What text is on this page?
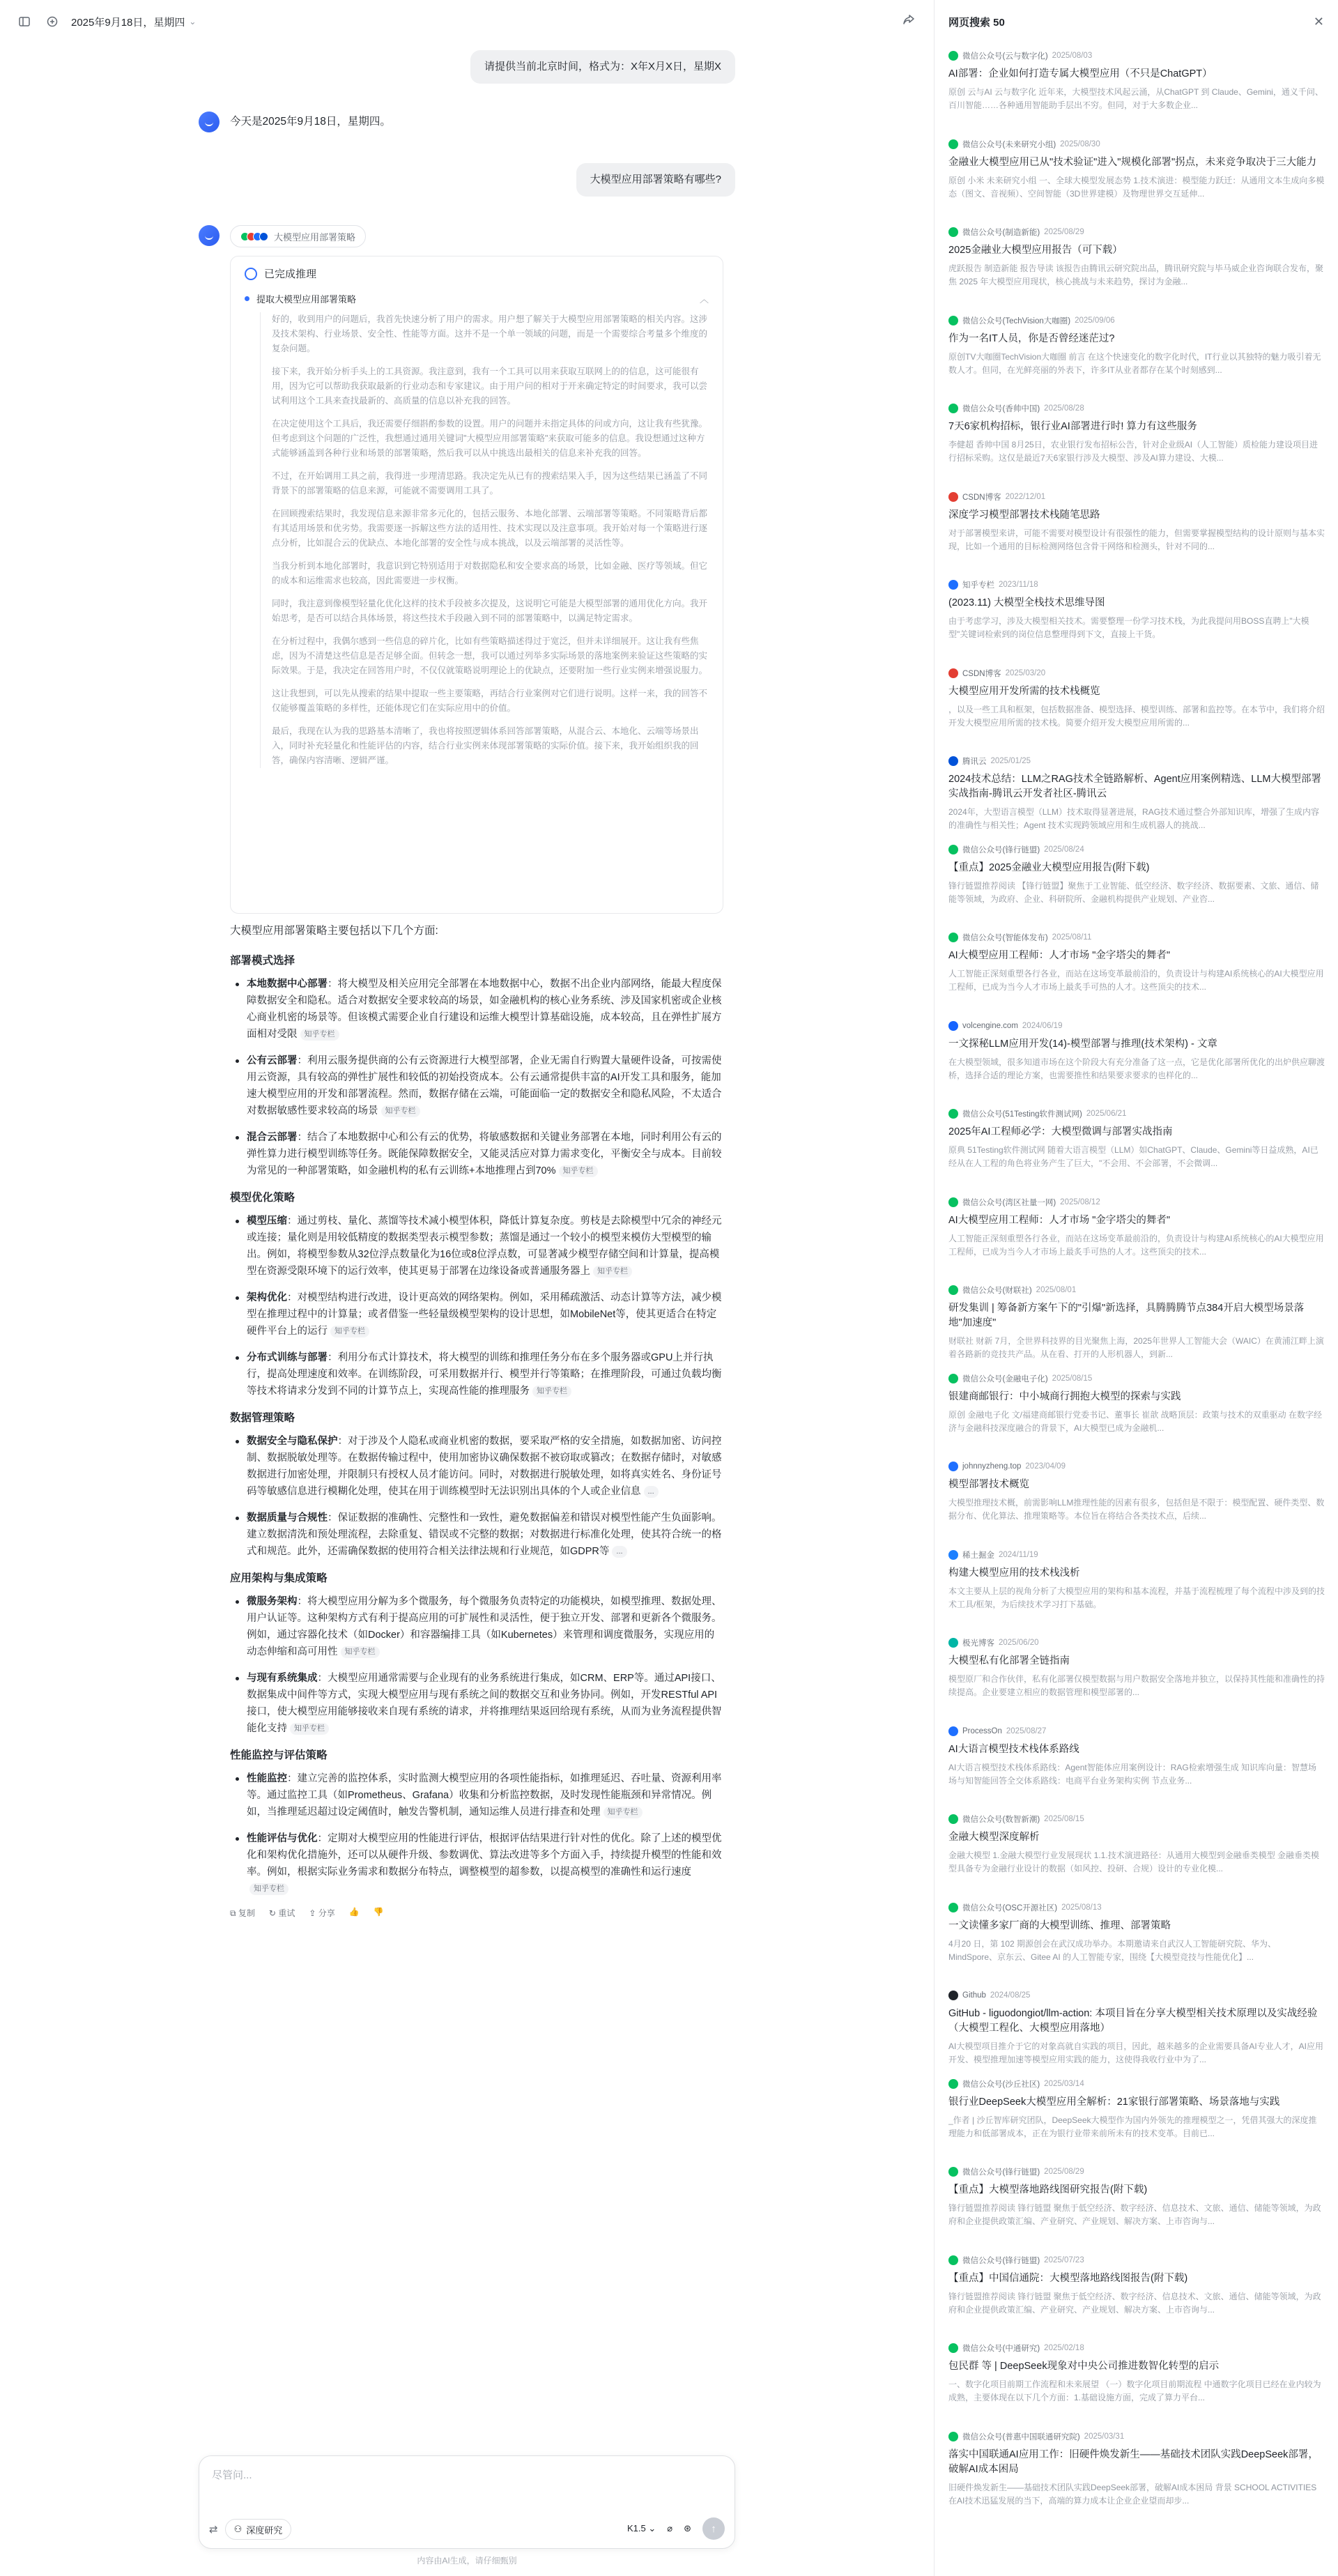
2025年9月18日，星期四 ⌄
请提供当前北京时间，格式为：X年X月X日，星期X
今天是2025年9月18日，星期四。
大模型应用部署策略有哪些?
大模型应用部署策略
已完成推理
提取大模型应用部署策略	︿

好的，收到用户的问题后，我首先快速分析了用户的需求。用户想了解关于大模型应用部署策略的相关内容。这涉及技术架构、行业场景、安全性、性能等方面。这并不是一个单一领域的问题，而是一个需要综合考量多个维度的复杂问题。

接下来，我开始分析手头上的工具资源。我注意到，我有一个工具可以用来获取互联网上的的信息，这可能很有用，因为它可以帮助我获取最新的行业动态和专家建议。由于用户问的相对于开来确定特定的时间要求，我可以尝试利用这个工具来查找最新的、高质量的信息以补充我的回答。

在决定使用这个工具后，我还需要仔细斟酌参数的设置。用户的问题并未指定具体的问或方向，这让我有些犹豫。但考虑到这个问题的广泛性，我想通过通用关键词"大模型应用部署策略"来获取可能多的信息。我设想通过这种方式能够涵盖到各种行业和场景的部署策略，然后我可以从中挑选出最相关的信息来补充我的回答。

不过，在开始调用工具之前，我得进一步理清思路。我决定先从已有的搜索结果入手，因为这些结果已涵盖了不同背景下的部署策略的信息来源，可能就不需要调用工具了。

在回顾搜索结果时，我发现信息来源非常多元化的，包括云服务、本地化部署、云端部署等策略。不同策略背后都有其适用场景和优劣势。我需要逐一拆解这些方法的适用性、技术实现以及注意事项。我开始对每一个策略进行逐点分析，比如混合云的优缺点、本地化部署的安全性与成本挑战，以及云端部署的灵活性等。

当我分析到本地化部署时，我意识到它特别适用于对数据隐私和安全要求高的场景，比如金融、医疗等领域。但它的成本和运维需求也较高，因此需要进一步权衡。

同时，我注意到像模型轻量化优化这样的技术手段被多次提及，这说明它可能是大模型部署的通用优化方向。我开始思考，是否可以结合具体场景，将这些技术手段融入到不同的部署策略中，以满足特定需求。

在分析过程中，我偶尔感到一些信息的碎片化，比如有些策略描述得过于宽泛，但并未详细展开。这让我有些焦虑，因为不清楚这些信息是否足够全面。但转念一想，我可以通过列举多实际场景的落地案例来验证这些策略的实际效果。于是，我决定在回答用户时，不仅仅就策略说明理论上的优缺点，还要附加一些行业实例来增强说服力。

这让我想到，可以先从搜索的结果中提取一些主要策略，再结合行业案例对它们进行说明。这样一来，我的回答不仅能够覆盖策略的多样性，还能体现它们在实际应用中的价值。

最后，我现在认为我的思路基本清晰了，我也将按照逻辑体系回答部署策略，从混合云、本地化、云端等场景出入，同时补充轻量化和性能评估的内容，结合行业实例来体现部署策略的实际价值。接下来，我开始组织我的回答，确保内容清晰、逻辑严谨。

大模型应用部署策略主要包括以下几个方面:
部署模式选择
本地数据中心部署：将大模型及相关应用完全部署在本地数据中心，数据不出企业内部网络，能最大程度保障数据安全和隐私。适合对数据安全要求较高的场景，如金融机构的核心业务系统、涉及国家机密或企业核心商业机密的场景等。但该模式需要企业自行建设和运维大模型计算基础设施，成本较高，且在弹性扩展方面相对受限 知乎专栏
公有云部署：利用云服务提供商的公有云资源进行大模型部署，企业无需自行购置大量硬件设备，可按需使用云资源，具有较高的弹性扩展性和较低的初始投资成本。公有云通常提供丰富的AI开发工具和服务，能加速大模型应用的开发和部署流程。然而，数据存储在云端，可能面临一定的数据安全和隐私风险，不太适合对数据敏感性要求较高的场景 知乎专栏
混合云部署：结合了本地数据中心和公有云的优势，将敏感数据和关键业务部署在本地，同时利用公有云的弹性算力进行模型训练等任务。既能保障数据安全，又能灵活应对算力需求变化，平衡安全与成本。目前较为常见的一种部署策略，如金融机构的私有云训练+本地推理占到70% 知乎专栏
模型优化策略
模型压缩：通过剪枝、量化、蒸馏等技术减小模型体积，降低计算复杂度。剪枝是去除模型中冗余的神经元或连接；量化则是用较低精度的数据类型表示模型参数；蒸馏是通过一个较小的模型来模仿大型模型的输出。例如，将模型参数从32位浮点数量化为16位或8位浮点数，可显著减少模型存储空间和计算量，提高模型在资源受限环境下的运行效率，使其更易于部署在边缘设备或普通服务器上 知乎专栏
架构优化：对模型结构进行改进，设计更高效的网络架构。例如，采用稀疏激活、动态计算等方法，减少模型在推理过程中的计算量；或者借鉴一些轻量级模型架构的设计思想，如MobileNet等，使其更适合在特定硬件平台上的运行 知乎专栏
分布式训练与部署：利用分布式计算技术，将大模型的训练和推理任务分布在多个服务器或GPU上并行执行，提高处理速度和效率。在训练阶段，可采用数据并行、模型并行等策略；在推理阶段，可通过负载均衡等技术将请求分发到不同的计算节点上，实现高性能的推理服务 知乎专栏
数据管理策略
数据安全与隐私保护：对于涉及个人隐私或商业机密的数据，要采取严格的安全措施，如数据加密、访问控制、数据脱敏处理等。在数据传输过程中，使用加密协议确保数据不被窃取或篡改；在数据存储时，对敏感数据进行加密处理，并限制只有授权人员才能访问。同时，对数据进行脱敏处理，如将真实姓名、身份证号码等敏感信息进行模糊化处理，使其在用于训练模型时无法识别出具体的个人或企业信息 ...
数据质量与合规性：保证数据的准确性、完整性和一致性，避免数据偏差和错误对模型性能产生负面影响。建立数据清洗和预处理流程，去除重复、错误或不完整的数据；对数据进行标准化处理，使其符合统一的格式和规范。此外，还需确保数据的使用符合相关法律法规和行业规范，如GDPR等 ...
应用架构与集成策略
微服务架构：将大模型应用分解为多个微服务，每个微服务负责特定的功能模块，如模型推理、数据处理、用户认证等。这种架构方式有利于提高应用的可扩展性和灵活性，便于独立开发、部署和更新各个微服务。例如，通过容器化技术（如Docker）和容器编排工具（如Kubernetes）来管理和调度微服务，实现应用的动态伸缩和高可用性 知乎专栏
与现有系统集成：大模型应用通常需要与企业现有的业务系统进行集成，如CRM、ERP等。通过API接口、数据集成中间件等方式，实现大模型应用与现有系统之间的数据交互和业务协同。例如，开发RESTful API接口，使大模型应用能够接收来自现有系统的请求，并将推理结果返回给现有系统，从而为业务流程提供智能化支持 知乎专栏
性能监控与评估策略
性能监控：建立完善的监控体系，实时监测大模型应用的各项性能指标，如推理延迟、吞吐量、资源利用率等。通过监控工具（如Prometheus、Grafana）收集和分析监控数据，及时发现性能瓶颈和异常情况。例如，当推理延迟超过设定阈值时，触发告警机制，通知运维人员进行排查和处理 知乎专栏
性能评估与优化：定期对大模型应用的性能进行评估，根据评估结果进行针对性的优化。除了上述的模型优化和架构优化措施外，还可以从硬件升级、参数调优、算法改进等多个方面入手，持续提升模型的性能和效率。例如，根据实际业务需求和数据分布特点，调整模型的超参数，以提高模型的准确性和运行速度知乎专栏
⧉ 复制 ↻ 重试 ⇪ 分享 👍 👎
尽管问...
⇄ ⚇ 深度研究	K1.5 ⌄ ⌀ ⊛	↑
内容由AI生成，请仔细甄别
网页搜索 50	✕
微信公众号(云与数字化) 2025/08/03
AI部署：企业如何打造专属大模型应用（不只是ChatGPT）
原创 云与AI 云与数字化 近年来，大模型技术风起云涌，从ChatGPT 到 Claude、Gemini，通义千问、百川智能……各种通用智能助手层出不穷。但同，对于大多数企业...
微信公众号(未来研究小组) 2025/08/30
金融业大模型应用已从"技术验证"进入"规模化部署"拐点，未来竞争取决于三大能力
原创 小米 未来研究小组 一、全球大模型发展态势 1.技术演进：模型能力跃迁：从通用文本生成向多模态（图文、音视频）、空间智能（3D世界建模）及物理世界交互延伸...
微信公众号(制造新能) 2025/08/29
2025金融业大模型应用报告（可下载）
虎跃报告 制造新能 报告导读 该报告由腾讯云研究院出品，腾讯研究院与毕马威企业咨询联合发布，聚焦 2025 年大模型应用现状，核心挑战与未来趋势，探讨为金融...
微信公众号(TechVision大咖圈) 2025/09/06
作为一名IT人员，你是否曾经迷茫过?
原创TV大咖圈TechVision大咖圈 前言 在这个快速变化的数字化时代，IT行业以其独特的魅力吸引着无数人才。但同，在光鲜亮丽的外表下，许多IT从业者都存在某个时刻感到...
微信公众号(香帅中国) 2025/08/28
7天6家机构招标，银行业AI部署进行时! 算力有这些服务
李健超 香帅中国 8月25日，农业银行发布招标公告，针对企业级AI（人工智能）质检能力建设项目进行招标采购。这仅是最近7天6家银行涉及大模型、涉及AI算力建设、大模...
CSDN博客 2022/12/01
深度学习模型部署技术栈随笔思路
对于部署模型来讲，可能不需要对模型设计有很强性的能力，但需要掌握模型结构的设计原则与基本实现，比如一个通用的目标检测网络包含骨干网络和检测头，针对不同的...
知乎专栏 2023/11/18
(2023.11) 大模型全栈技术思维导图
由于考虑学习，涉及大模型相关技术。需要整理一份学习技术栈，为此我提问用BOSS直聘上"大模型"关键词检索到的岗位信息整理得到下文，直接上干货。
CSDN博客 2025/03/20
大模型应用开发所需的技术栈概览
，以及一些工具和框架，包括数据准备、模型选择、模型训练、部署和监控等。在本节中，我们将介绍开发大模型应用所需的技术栈。简要介绍开发大模型应用所需的...
腾讯云 2025/01/25
2024技术总结：LLM之RAG技术全链路解析、Agent应用案例精选、LLM大模型部署实战指南-腾讯云开发者社区-腾讯云
2024年，大型语言模型（LLM）技术取得显著进展，RAG技术通过整合外部知识库，增强了生成内容的准确性与相关性；Agent 技术实现跨领域应用和生成机器人的挑战...
微信公众号(锋行链盟) 2025/08/24
【重点】2025金融业大模型应用报告(附下载)
锋行链盟推荐阅读 【锋行链盟】聚焦于工业智能、低空经济、数字经济、数据要素、文旅、通信、储能等领域，为政府、企业、科研院所、金融机构提供产业规划、产业咨...
微信公众号(智能体发布) 2025/08/11
AI大模型应用工程师：人才市场 "金字塔尖的舞者"
人工智能正深刻重塑各行各业，而站在这场变革最前沿的，负责设计与构建AI系统核心的AI大模型应用工程师，已成为当今人才市场上最炙手可热的人才。这些顶尖的技术...
volcengine.com 2024/06/19
一文探秘LLM应用开发(14)-模型部署与推理(技术架构) - 文章
在大模型领域，很多知道市场在这个阶段大有充分准备了这一点，它是优化部署所优化的出炉供应聊渡桥，选择合适的理论方案，也需要推性和结果要求要求的也样化的...
微信公众号(51Testing软件测试网) 2025/06/21
2025年AI工程师必学：大模型微调与部署实战指南
原典 51Testing软件测试网 随着大语言模型（LLM）如ChatGPT、Claude、Gemini等日益成熟，AI已经从在人工程的角色将业务产生了巨大，"不会用、不会部署，不会微调...
微信公众号(湾区社量一网) 2025/08/12
AI大模型应用工程师：人才市场 "金字塔尖的舞者"
人工智能正深刻重塑各行各业，而站在这场变革最前沿的，负责设计与构建AI系统核心的AI大模型应用工程师，已成为当今人才市场上最炙手可热的人才。这些顶尖的技术...
微信公众号(财联社) 2025/08/01
研发集训 | 筹备新方案午下的"引爆"新选择，具腾腾腾节点384开启大模型场景落地"加速度"
财联社 财新 7月，全世界科技界的目光聚焦上海，2025年世界人工智能大会（WAIC）在黄浦江畔上演着各路新的竞技共产品。从在看、打开的人形机器人，到新...
微信公众号(金融电子化) 2025/08/15
银建商邮银行：中小城商行拥抱大模型的探索与实践
原创 金融电子化 文/福建商邮银行党委书记、董事长 崔歆 战略顶层：政策与技术的双重驱动 在数字经济与金融科技深度融合的背景下，AI大模型已成为金融机...
johnnyzheng.top 2023/04/09
模型部署技术概览
大模型推理技术概，前需影响LLM推理性能的因素有很多，包括但是不限于：模型配置、硬件类型、数据分布、优化算法、推理策略等。本位旨在将结合各类技术点，后续...
稀土掘金 2024/11/19
构建大模型应用的技术栈浅析
本文主要从上层的视角分析了大模型应用的架构和基本流程，并基于流程梳理了每个流程中涉及到的技术工具/框架，为后续技术学习打下基础。
极光博客 2025/06/20
大模型私有化部署全链指南
模型原厂和合作伙伴，私有化部署仅模型数据与用户数据安全落地并独立，以保持其性能和准确性的持续提高。企业要建立相应的数据管理和模型部署的...
ProcessOn 2025/08/27
AI大语言模型技术栈体系路线
AI大语言模型技术栈体系路线：Agent智能体应用案例设计：RAG检索增强生成 知识库向量：智慧场场与知智能回答全交体系路线：电商平台业务架构实例 节点业务...
微信公众号(数智新潮) 2025/08/15
金融大模型深度解析
金融大模型 1.金融大模型行业发展现状 1.1.技术演进路径：从通用大模型到金融垂类模型 金融垂类模型具备专为金融行业设计的数据（如风控、投研、合规）设计的专业化模...
微信公众号(OSC开源社区) 2025/08/13
一文读懂多家厂商的大模型训练、推理、部署策略
4月20 日，第 102 期源创会在武汉成功举办。本期邀请来自武汉人工智能研究院、华为、MindSpore、京东云、Gitee AI 的人工智能专家，围绕【大模型竞技与性能优化】...
Github 2024/08/25
GitHub - liguodongiot/llm-action: 本项目旨在分享大模型相关技术原理以及实战经验（大模型工程化、大模型应用落地）
AI大模型项目推介于它的对象高就自实践的项目，因此，越来越多的企业需要具备AI专业人才，AI应用开发、模型推理加速等模型应用实践的能力，这使得我收行业中为了...
微信公众号(沙丘社区) 2025/03/14
银行业DeepSeek大模型应用全解析：21家银行部署策略、场景落地与实践
_作者 | 沙丘智库研究团队，DeepSeek大模型作为国内外领先的推理模型之一，凭借其强大的深度推理能力和低部署成本，正在为银行业带来前所未有的技术变革。目前已...
微信公众号(锋行链盟) 2025/08/29
【重点】大模型落地路线图研究报告(附下载)
锋行链盟推荐阅读 锋行链盟 聚焦于低空经济、数字经济、信息技术、文旅、通信、储能等领域，为政府和企业提供政策汇编、产业研究、产业规划、解决方案、上市咨询与...
微信公众号(锋行链盟) 2025/07/23
【重点】中国信通院：大模型落地路线图报告(附下载)
锋行链盟推荐阅读 锋行链盟 聚焦于低空经济、数字经济、信息技术、文旅、通信、储能等领域，为政府和企业提供政策汇编、产业研究、产业规划、解决方案、上市咨询与...
微信公众号(中通研究) 2025/02/18
包民群 等 | DeepSeek现象对中央公司推进数智化转型的启示
一、数字化项目前期工作流程和未来展望 （一）数字化项目前期流程 中通数字化项目已经在业内较为成熟，主要体现在以下几个方面：1.基础设施方面，完成了算力平台...
微信公众号(普惠中国联通研究院) 2025/03/31
落实中国联通AI应用工作：旧硬件焕发新生——基础技术团队实践DeepSeek部署，破解AI成本困局
旧硬件焕发新生——基础技术团队实践DeepSeek部署，破解AI成本困局 背景 SCHOOL ACTIVITIES 在AI技术迅猛发展的当下，高端的算力成本让企业企业望而却步...
